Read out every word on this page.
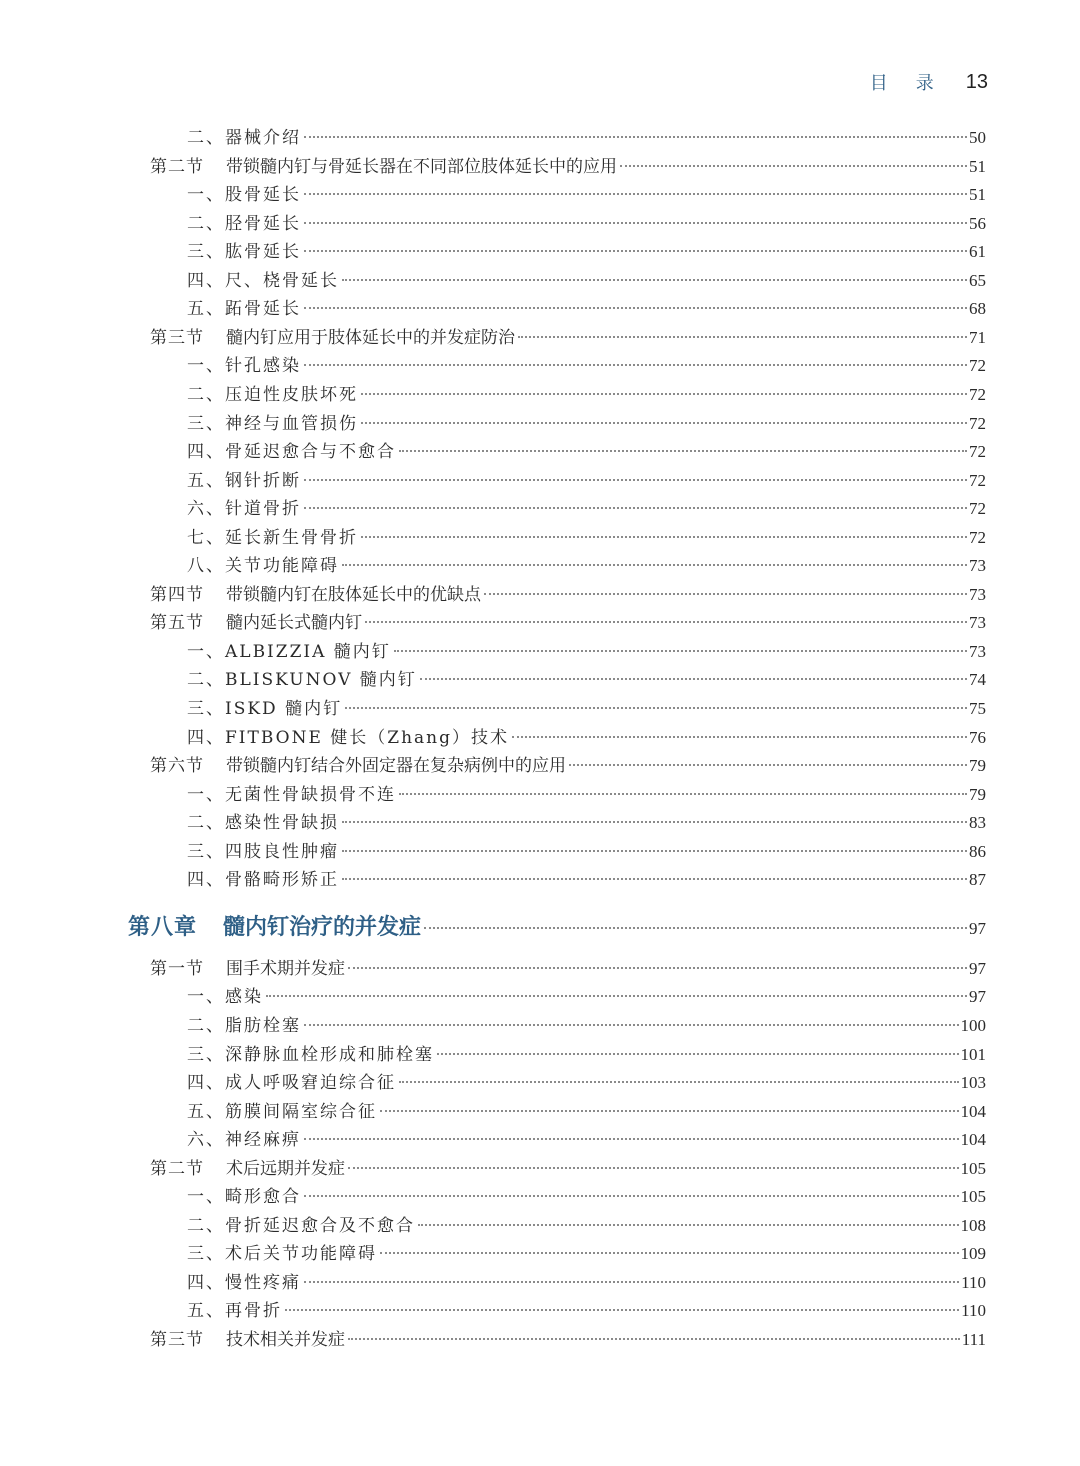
目录 13
二、 器械介绍	50
第二节	带锁髓内钉与骨延长器在不同部位肢体延长中的应用	51
一、 股骨延长	51
二、 胫骨延长	56
三、 肱骨延长	61
四、 尺、桡骨延长	65
五、 跖骨延长	68
第三节	髓内钉应用于肢体延长中的并发症防治	71
一、 针孔感染	72
二、 压迫性皮肤坏死	72
三、 神经与血管损伤	72
四、 骨延迟愈合与不愈合	72
五、 钢针折断	72
六、 针道骨折	72
七、 延长新生骨骨折	72
八、 关节功能障碍	73
第四节	带锁髓内钉在肢体延长中的优缺点	73
第五节	髓内延长式髓内钉	73
一、 ALBIZZIA 髓内钉	73
二、 BLISKUNOV 髓内钉	74
三、 ISKD 髓内钉	75
四、 FITBONE 健长（Zhang）技术	76
第六节	带锁髓内钉结合外固定器在复杂病例中的应用	79
一、 无菌性骨缺损骨不连	79
二、 感染性骨缺损	83
三、 四肢良性肿瘤	86
四、 骨骼畸形矫正	87
第八章	髓内钉治疗的并发症	97
第一节	围手术期并发症	97
一、 感染	97
二、 脂肪栓塞	100
三、 深静脉血栓形成和肺栓塞	101
四、 成人呼吸窘迫综合征	103
五、 筋膜间隔室综合征	104
六、 神经麻痹	104
第二节	术后远期并发症	105
一、 畸形愈合	105
二、 骨折延迟愈合及不愈合	108
三、 术后关节功能障碍	109
四、 慢性疼痛	110
五、 再骨折	110
第三节	技术相关并发症	111
